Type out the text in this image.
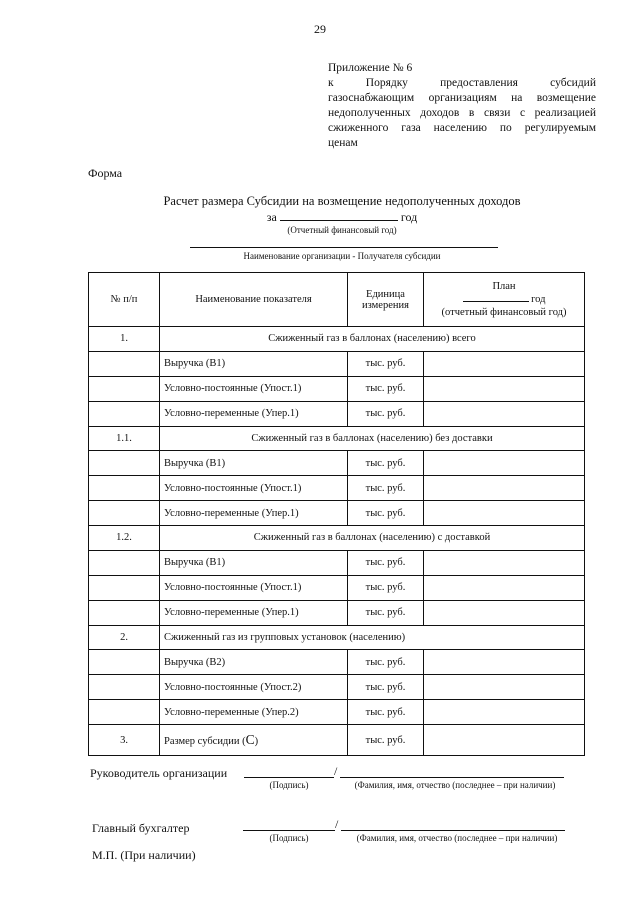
29
Приложение № 6
к Порядку предоставления субсидий
газоснабжающим организациям на возмещение
недополученных доходов в связи с реализацией
сжиженного газа населению по регулируемым
ценам
Форма
Расчет размера Субсидии на возмещение недополученных доходов
за	год
(Отчетный финансовый год)
Наименование организации - Получателя субсидии
№ п/п	Наименование показателя	Единица измерения	План
год
(отчетный финансовый год)

1.	Сжиженный газ в баллонах (населению) всего		
	Выручка (В1)	тыс. руб.	
	Условно-постоянные (Упост.1)	тыс. руб.	
	Условно-переменные (Упер.1)	тыс. руб.	
1.1.	Сжиженный газ в баллонах (населению) без доставки		
	Выручка (В1)	тыс. руб.	
	Условно-постоянные (Упост.1)	тыс. руб.	
	Условно-переменные (Упер.1)	тыс. руб.	
1.2.	Сжиженный газ в баллонах (населению) с доставкой		
	Выручка (В1)	тыс. руб.	
	Условно-постоянные (Упост.1)	тыс. руб.	
	Условно-переменные (Упер.1)	тыс. руб.	
2.	Сжиженный газ из групповых установок (населению)		
	Выручка (В2)	тыс. руб.	
	Условно-постоянные (Упост.2)	тыс. руб.	
	Условно-переменные (Упер.2)	тыс. руб.	
3.	Размер субсидии (С)	тыс. руб.	
Руководитель организации	/
(Подпись)	(Фамилия, имя, отчество (последнее – при наличии)
Главный бухгалтер	/
(Подпись)	(Фамилия, имя, отчество (последнее – при наличии)
М.П. (При наличии)
